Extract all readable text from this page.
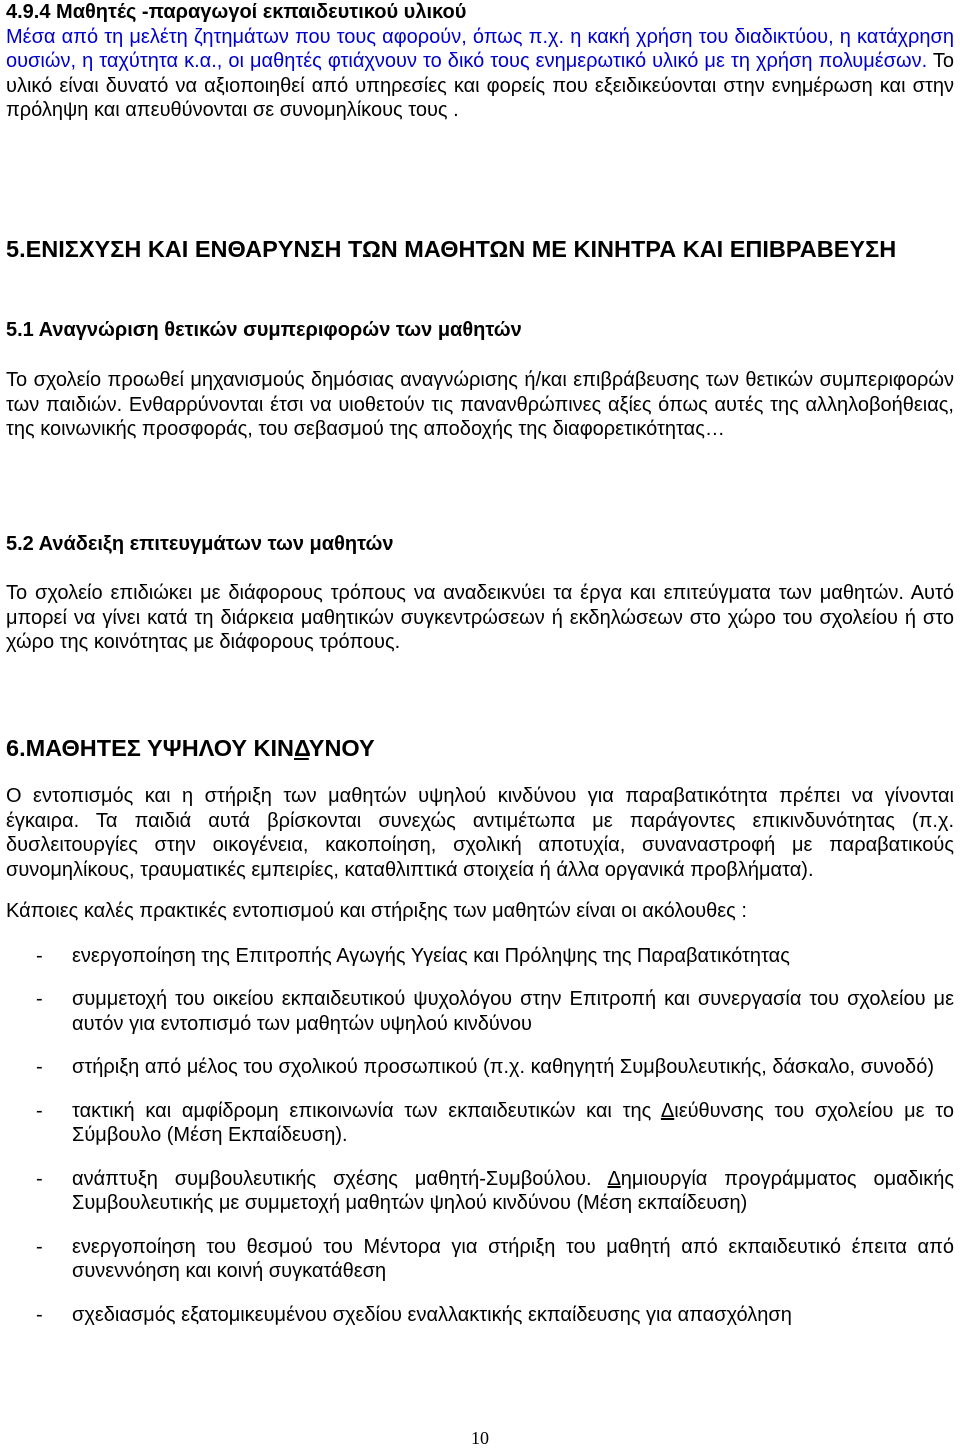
4.9.4 Μαθητές -παραγωγοί εκπαιδευτικού υλικού

Μέσα από τη μελέτη ζητημάτων που τους αφορούν, όπως π.χ. η κακή χρήση του διαδικτύου, η κατάχρηση ουσιών, η ταχύτητα κ.α., οι μαθητές φτιάχνουν το δικό τους ενημερωτικό υλικό με τη χρήση πολυμέσων. Το υλικό είναι δυνατό να αξιοποιηθεί από υπηρεσίες και φορείς που εξειδικεύονται στην ενημέρωση και στην πρόληψη και απευθύνονται σε συνομηλίκους τους .

5.ΕΝΙΣΧΥΣΗ ΚΑΙ ΕΝΘΑΡΥΝΣΗ ΤΩΝ ΜΑΘΗΤΩΝ ΜΕ ΚΙΝΗΤΡΑ ΚΑΙ ΕΠΙΒΡΑΒΕΥΣΗ
5.1 Αναγνώριση θετικών συμπεριφορών των μαθητών

Το σχολείο προωθεί μηχανισμούς δημόσιας αναγνώρισης ή/και επιβράβευσης των θετικών συμπεριφορών των παιδιών. Ενθαρρύνονται έτσι να υιοθετούν τις πανανθρώπινες αξίες όπως αυτές της αλληλοβοήθειας, της κοινωνικής προσφοράς, του σεβασμού της αποδοχής της διαφορετικότητας…

5.2 Ανάδειξη επιτευγμάτων των μαθητών

Το σχολείο επιδιώκει με διάφορους τρόπους να αναδεικνύει τα έργα και επιτεύγματα των μαθητών. Αυτό μπορεί να γίνει κατά τη διάρκεια μαθητικών συγκεντρώσεων ή εκδηλώσεων στο χώρο του σχολείου ή στο χώρο της κοινότητας με διάφορους τρόπους.

6.ΜΑΘΗΤΕΣ ΥΨΗΛΟΥ ΚΙΝΔΥΝΟΥ

Ο εντοπισμός και η στήριξη των μαθητών υψηλού κινδύνου για παραβατικότητα πρέπει να γίνονται έγκαιρα. Τα παιδιά αυτά βρίσκονται συνεχώς αντιμέτωπα με παράγοντες επικινδυνότητας (π.χ. δυσλειτουργίες στην οικογένεια, κακοποίηση, σχολική αποτυχία, συναναστροφή με παραβατικούς συνομηλίκους, τραυματικές εμπειρίες, καταθλιπτικά στοιχεία ή άλλα οργανικά προβλήματα).

Κάποιες καλές πρακτικές εντοπισμού και στήριξης των μαθητών είναι οι ακόλουθες :

- ενεργοποίηση της Επιτροπής Αγωγής Υγείας και Πρόληψης της Παραβατικότητας
- συμμετοχή του οικείου εκπαιδευτικού ψυχολόγου στην Επιτροπή και συνεργασία του σχολείου με αυτόν για εντοπισμό των μαθητών υψηλού κινδύνου
- στήριξη από μέλος του σχολικού προσωπικού (π.χ. καθηγητή Συμβουλευτικής, δάσκαλο, συνοδό)
- τακτική και αμφίδρομη επικοινωνία των εκπαιδευτικών και της Διεύθυνσης του σχολείου με το Σύμβουλο (Μέση Εκπαίδευση).
- ανάπτυξη συμβουλευτικής σχέσης μαθητή-Συμβούλου. Δημιουργία προγράμματος ομαδικής Συμβουλευτικής με συμμετοχή μαθητών ψηλού κινδύνου (Μέση εκπαίδευση)
- ενεργοποίηση του θεσμού του Μέντορα για στήριξη του μαθητή από εκπαιδευτικό έπειτα από συνεννόηση και κοινή συγκατάθεση
- σχεδιασμός εξατομικευμένου σχεδίου εναλλακτικής εκπαίδευσης για απασχόληση
10
